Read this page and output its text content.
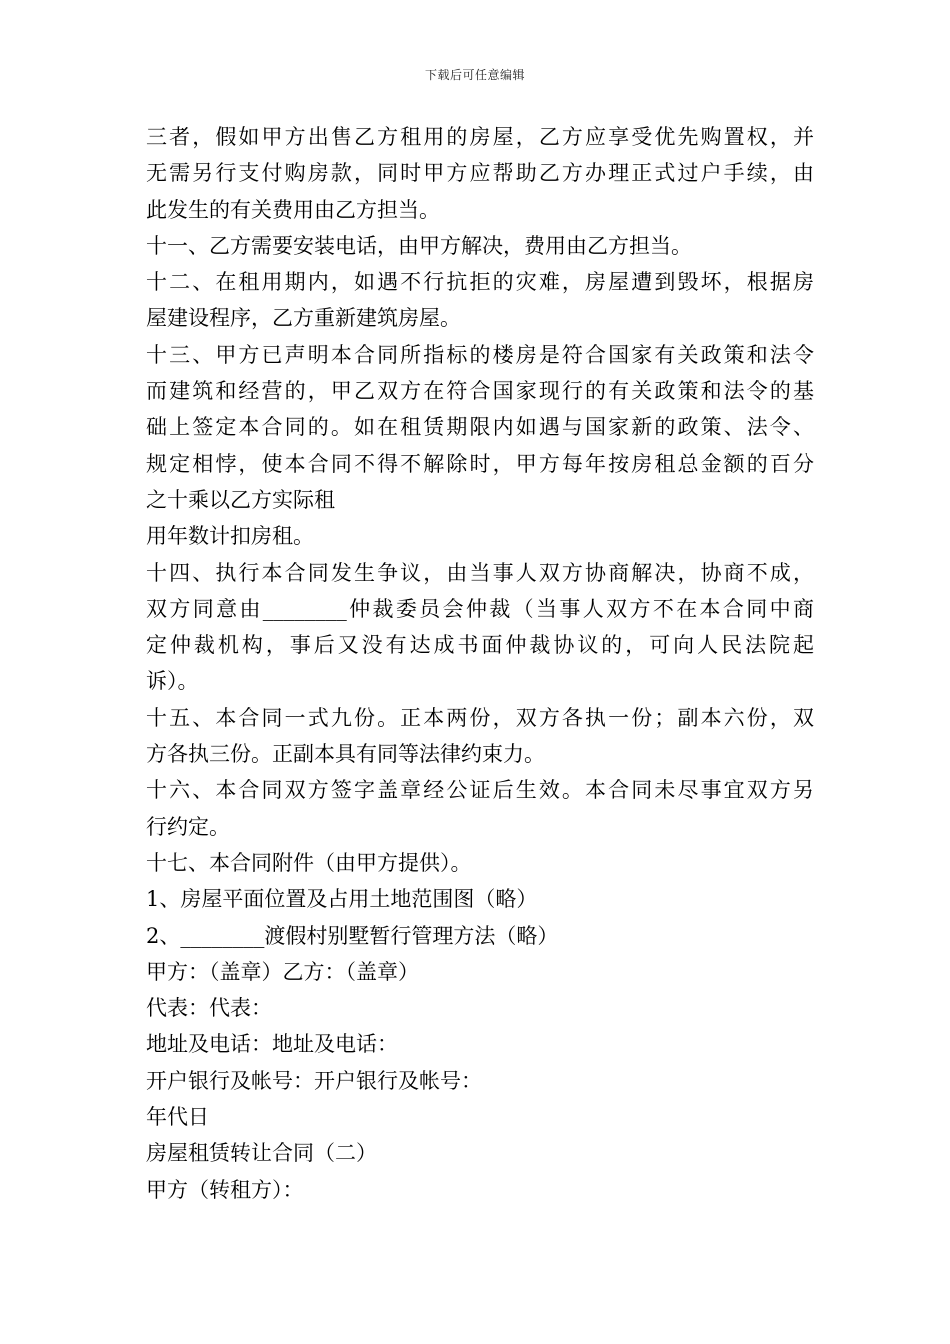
下载后可任意编辑
三者，假如甲方出售乙方租用的房屋，乙方应享受优先购置权，并
无需另行支付购房款，同时甲方应帮助乙方办理正式过户手续，由
此发生的有关费用由乙方担当。
十一、乙方需要安装电话，由甲方解决，费用由乙方担当。
十二、在租用期内，如遇不行抗拒的灾难，房屋遭到毁坏，根据房
屋建设程序，乙方重新建筑房屋。
十三、甲方已声明本合同所指标的楼房是符合国家有关政策和法令
而建筑和经营的，甲乙双方在符合国家现行的有关政策和法令的基
础上签定本合同的。如在租赁期限内如遇与国家新的政策、法令、
规定相悖，使本合同不得不解除时，甲方每年按房租总金额的百分
之十乘以乙方实际租
用年数计扣房租。
十四、执行本合同发生争议，由当事人双方协商解决，协商不成，
双方同意由________仲裁委员会仲裁（当事人双方不在本合同中商
定仲裁机构，事后又没有达成书面仲裁协议的，可向人民法院起
诉）。
十五、本合同一式九份。正本两份，双方各执一份；副本六份，双
方各执三份。正副本具有同等法律约束力。
十六、本合同双方签字盖章经公证后生效。本合同未尽事宜双方另
行约定。
十七、本合同附件（由甲方提供）。
1、房屋平面位置及占用土地范围图（略）
2、________渡假村别墅暂行管理方法（略）
甲方：（盖章）乙方：（盖章）
代表：代表：
地址及电话：地址及电话：
开户银行及帐号：开户银行及帐号：
年代日
房屋租赁转让合同（二）
甲方（转租方）：
